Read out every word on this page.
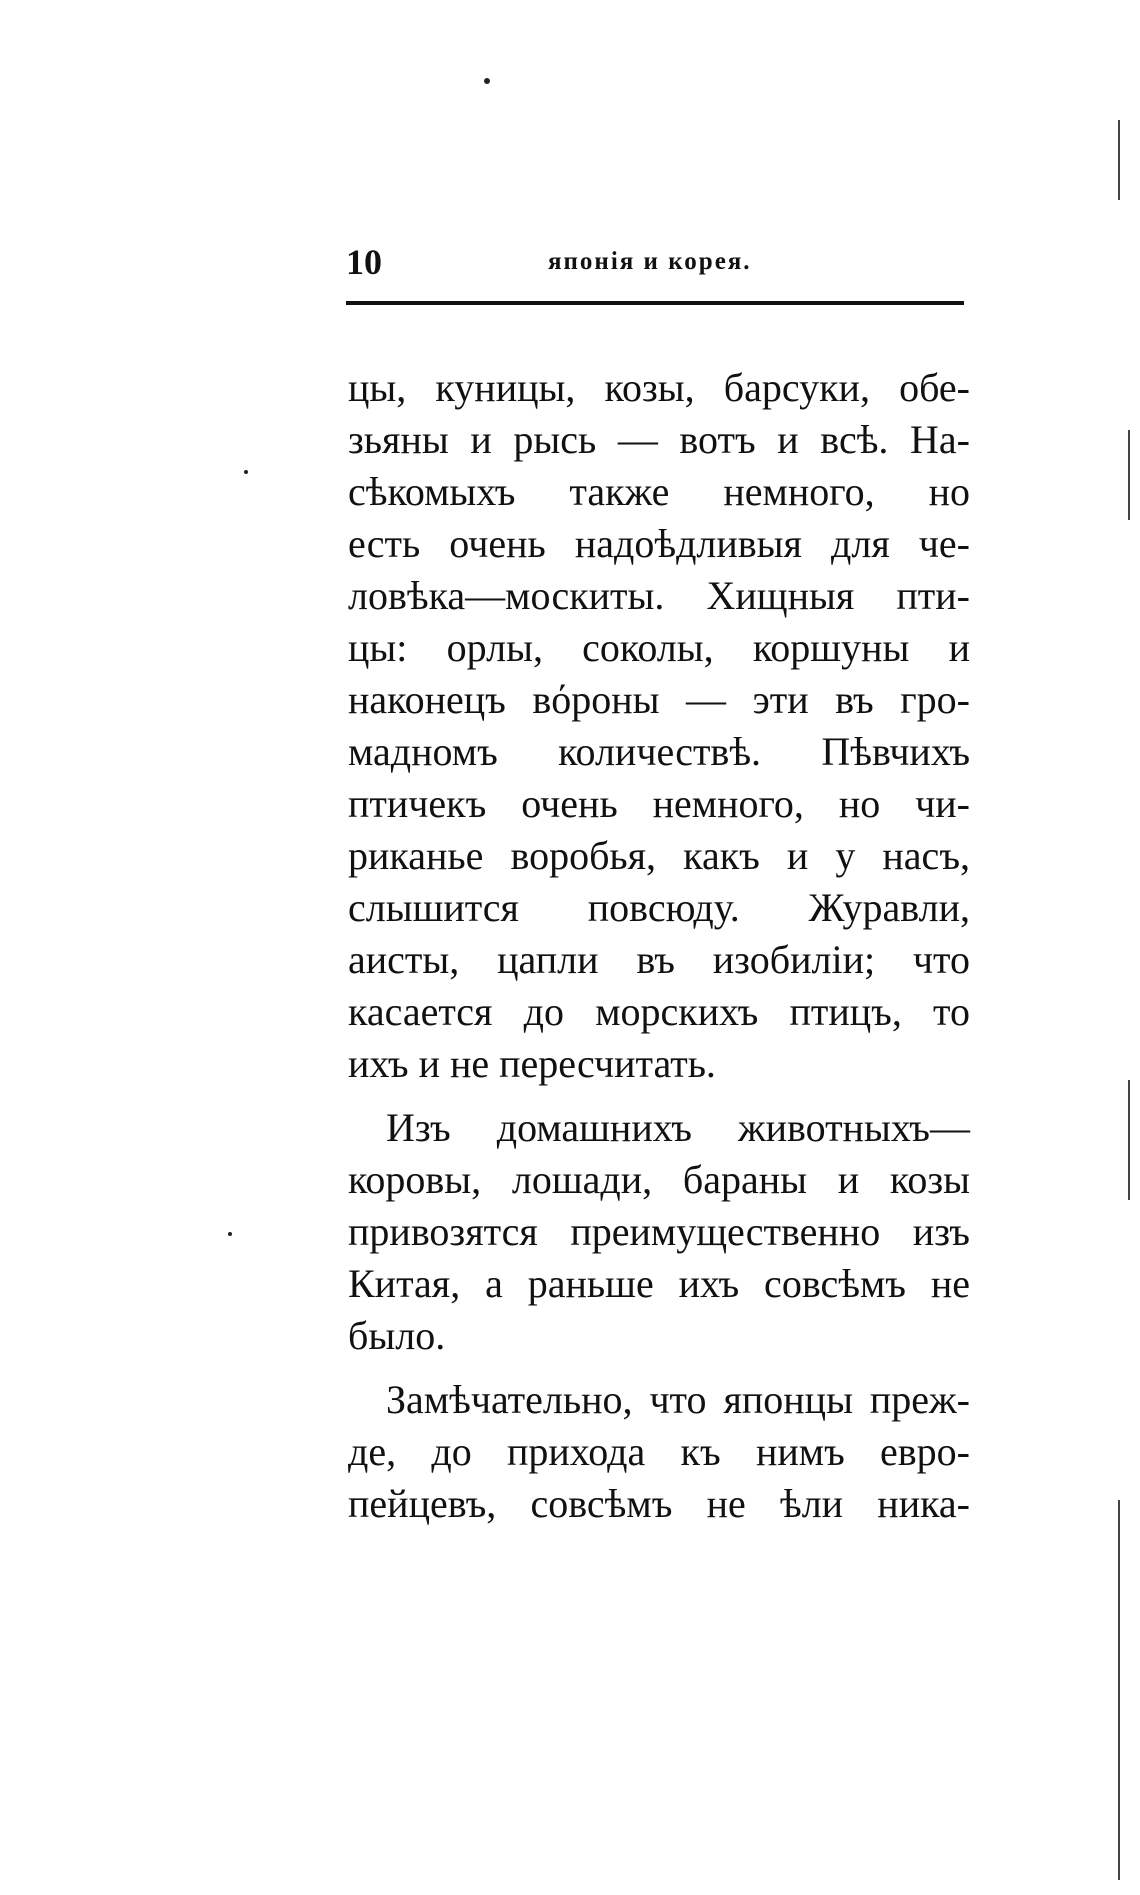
10	японія и корея.
цы, куницы, козы, барсуки, обе-
зьяны и рысь — вотъ и всѣ. На-
сѣкомыхъ также немного, но
есть очень надоѣдливыя для че-
ловѣка—москиты. Хищныя пти-
цы: орлы, соколы, коршуны и
наконецъ вόроны — эти въ гро-
мадномъ количествѣ. Пѣвчихъ
птичекъ очень немного, но чи-
риканье воробья, какъ и у насъ,
слышится повсюду. Журавли,
аисты, цапли въ изобиліи; что
касается до морскихъ птицъ, то
ихъ и не пересчитать.
Изъ домашнихъ животныхъ—
коровы, лошади, бараны и козы
привозятся преимущественно изъ
Китая, а раньше ихъ совсѣмъ не
было.
Замѣчательно, что японцы преж-
де, до прихода къ нимъ евро-
пейцевъ, совсѣмъ не ѣли ника-
